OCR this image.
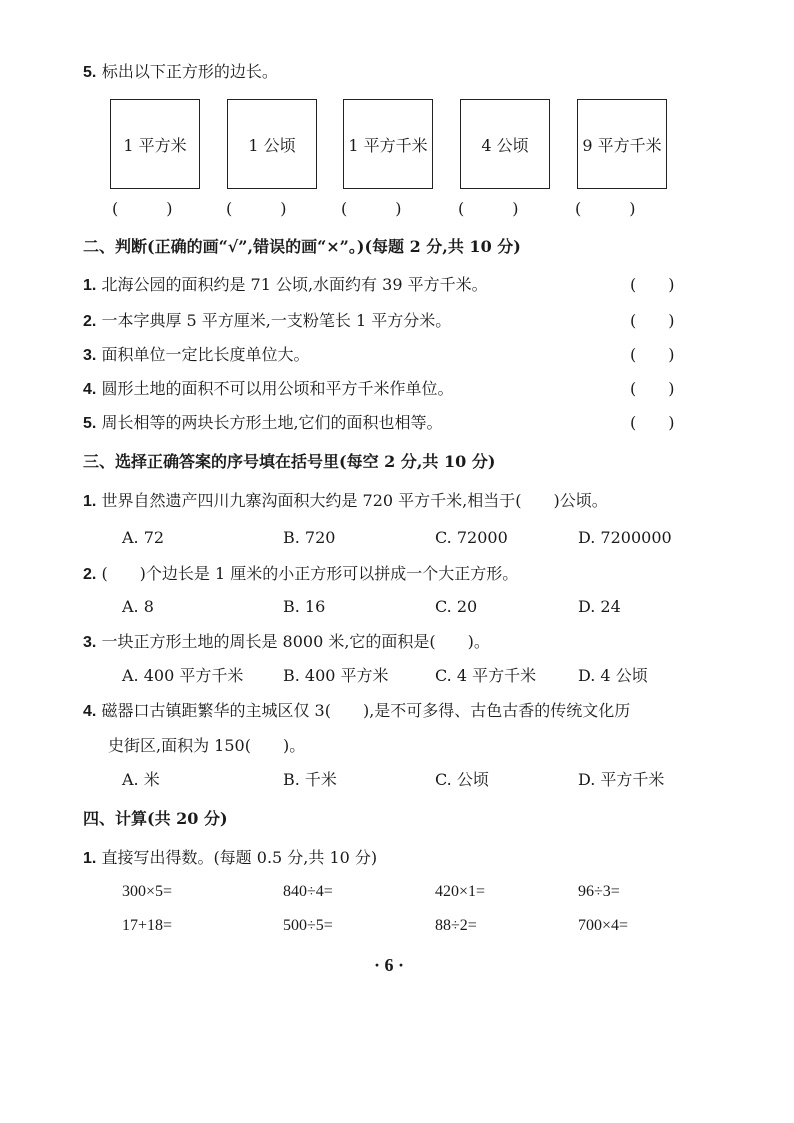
5. 标出以下正方形的边长。
1 平方米	1 公顷	1 平方千米	4 公顷	9 平方千米
(　　　)	(　　　)	(　　　)	(　　　)	(　　　)
二、判断(正确的画“√”,错误的画“×”。)(每题 2 分,共 10 分)
1. 北海公园的面积约是 71 公顷,水面约有 39 平方千米。	(　　)
2. 一本字典厚 5 平方厘米,一支粉笔长 1 平方分米。	(　　)
3. 面积单位一定比长度单位大。	(　　)
4. 圆形土地的面积不可以用公顷和平方千米作单位。	(　　)
5. 周长相等的两块长方形土地,它们的面积也相等。	(　　)
三、选择正确答案的序号填在括号里(每空 2 分,共 10 分)
1. 世界自然遗产四川九寨沟面积大约是 720 平方千米,相当于(　　)公顷。
A. 72	B. 720	C. 72000	D. 7200000
2. (　　)个边长是 1 厘米的小正方形可以拼成一个大正方形。
A. 8	B. 16	C. 20	D. 24
3. 一块正方形土地的周长是 8000 米,它的面积是(　　)。
A. 400 平方千米 B. 400 平方米	C. 4 平方千米	D. 4 公顷
4. 磁器口古镇距繁华的主城区仅 3(　　),是不可多得、古色古香的传统文化历
史街区,面积为 150(　　)。
A. 米	B. 千米	C. 公顷	D. 平方千米
四、计算(共 20 分)
1. 直接写出得数。(每题 0.5 分,共 10 分)
300×5=	840÷4=	420×1=	96÷3=
17+18=	500÷5=	88÷2=	700×4=
· 6 ·
